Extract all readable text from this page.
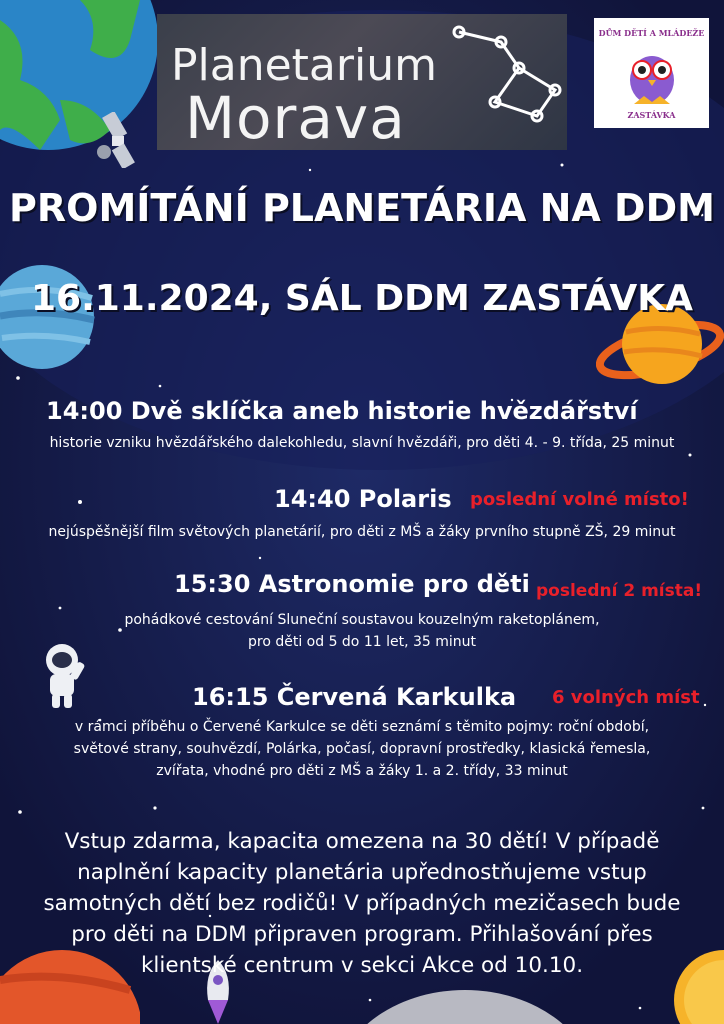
Planetarium
Morava
DŮM DĚTÍ A MLÁDEŽE
ZASTÁVKA
PROMÍTÁNÍ PLANETÁRIA NA DDM
16.11.2024, SÁL DDM ZASTÁVKA
14:00 Dvě sklíčka aneb historie hvězdářství
historie vzniku hvězdářského dalekohledu, slavní hvězdáři, pro děti 4. - 9. třída, 25 minut
14:40 Polaris poslední volné místo!
nejúspěšnější film světových planetárií, pro děti z MŠ a žáky prvního stupně ZŠ, 29 minut
15:30 Astronomie pro děti poslední 2 místa!
pohádkové cestování Sluneční soustavou kouzelným raketoplánem,
pro děti od 5 do 11 let, 35 minut
16:15 Červená Karkulka 6 volných míst
v rámci příběhu o Červené Karkulce se děti seznámí s těmito pojmy: roční období,
světové strany, souhvězdí, Polárka, počasí, dopravní prostředky, klasická řemesla,
zvířata, vhodné pro děti z MŠ a žáky 1. a 2. třídy, 33 minut
Vstup zdarma, kapacita omezena na 30 dětí! V případě
naplnění kapacity planetária upřednostňujeme vstup
samotných dětí bez rodičů! V případných mezičasech bude
pro děti na DDM připraven program. Přihlašování přes
klientské centrum v sekci Akce od 10.10.
